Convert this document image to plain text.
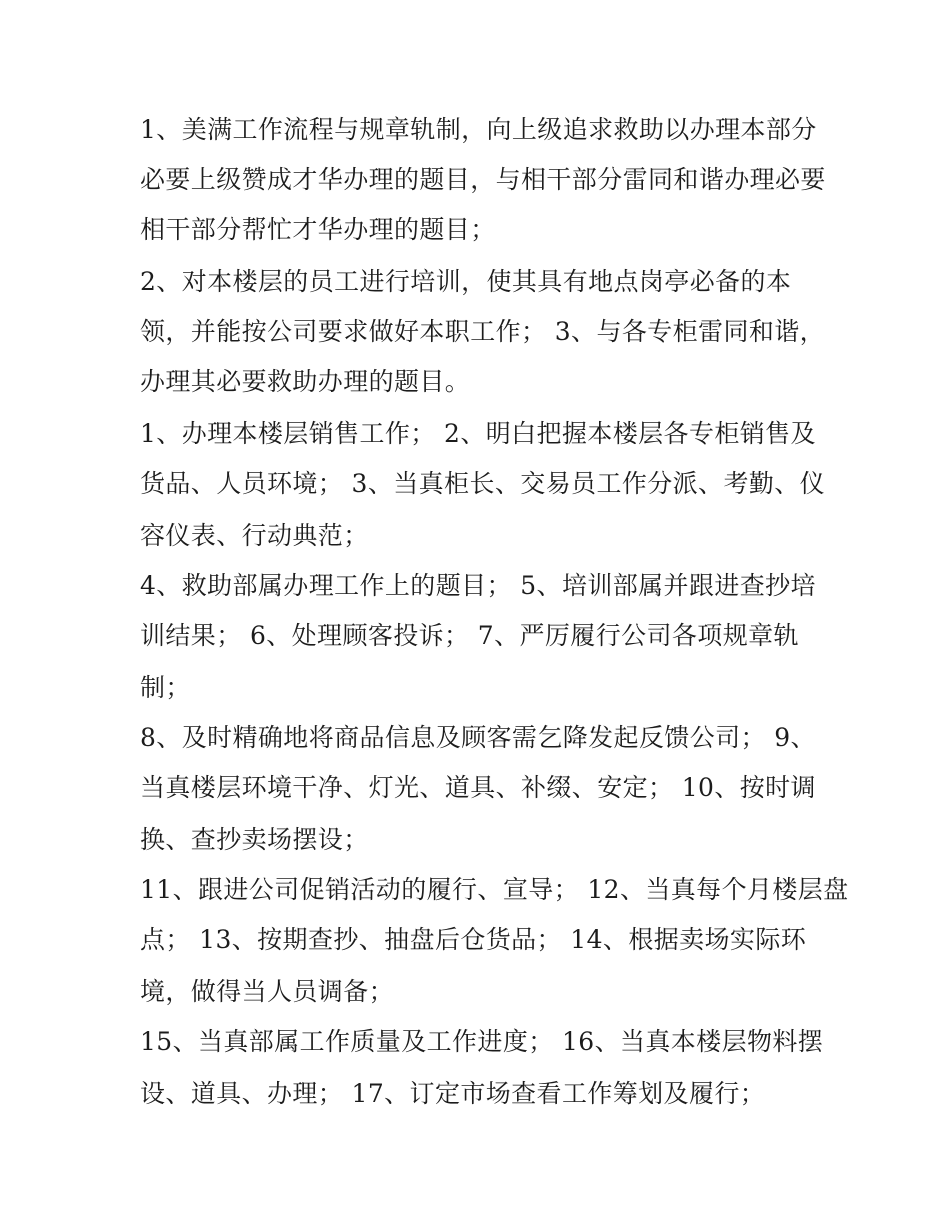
1、美满工作流程与规章轨制，向上级追求救助以办理本部分
必要上级赞成才华办理的题目，与相干部分雷同和谐办理必要
相干部分帮忙才华办理的题目；
2、对本楼层的员工进行培训，使其具有地点岗亭必备的本
领，并能按公司要求做好本职工作； 3、与各专柜雷同和谐，
办理其必要救助办理的题目。
1、办理本楼层销售工作； 2、明白把握本楼层各专柜销售及
货品、人员环境； 3、当真柜长、交易员工作分派、考勤、仪
容仪表、行动典范；
4、救助部属办理工作上的题目； 5、培训部属并跟进查抄培
训结果； 6、处理顾客投诉； 7、严厉履行公司各项规章轨
制；
8、及时精确地将商品信息及顾客需乞降发起反馈公司； 9、
当真楼层环境干净、灯光、道具、补缀、安定； 10、按时调
换、查抄卖场摆设；
11、跟进公司促销活动的履行、宣导； 12、当真每个月楼层盘
点； 13、按期查抄、抽盘后仓货品； 14、根据卖场实际环
境，做得当人员调备；
15、当真部属工作质量及工作进度； 16、当真本楼层物料摆
设、道具、办理； 17、订定市场查看工作筹划及履行；
